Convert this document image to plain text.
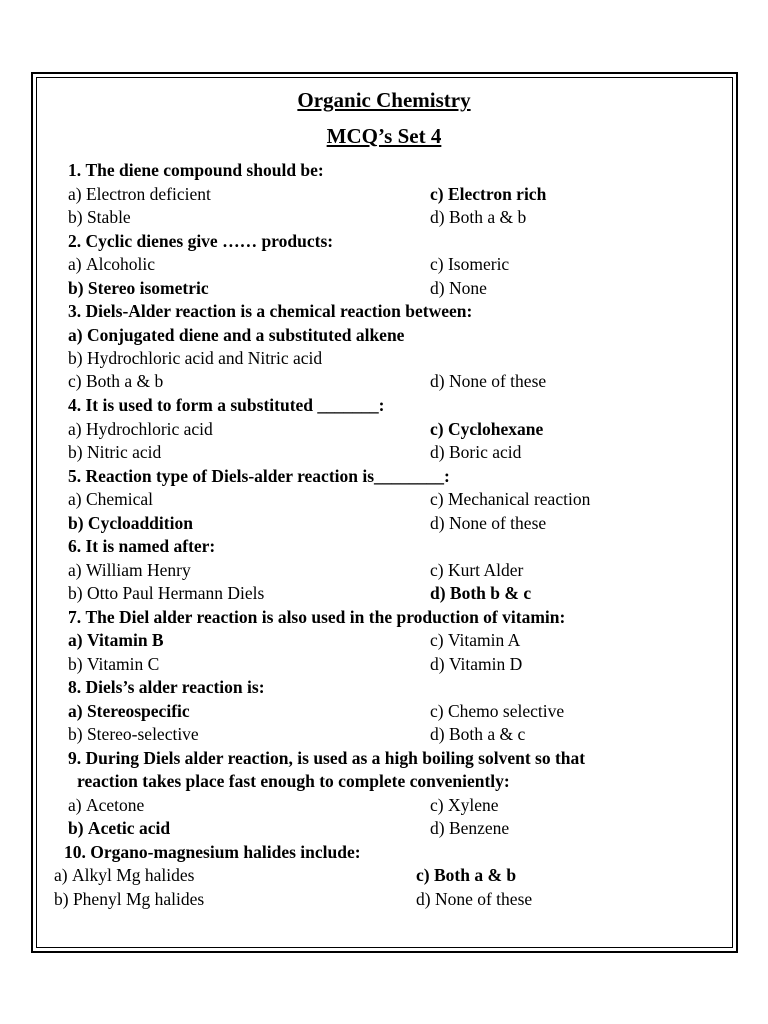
Organic Chemistry
MCQ’s Set 4
1. The diene compound should be:
a) Electron deficient	c) Electron rich
b) Stable	d) Both a & b
2. Cyclic dienes give …… products:
a) Alcoholic	c) Isomeric
b) Stereo isometric	d) None
3. Diels-Alder reaction is a chemical reaction between:
a) Conjugated diene and a substituted alkene
b) Hydrochloric acid and Nitric acid
c) Both a & b	d) None of these
4. It is used to form a substituted _______:
a) Hydrochloric acid	c) Cyclohexane
b) Nitric acid	d) Boric acid
5. Reaction type of Diels-alder reaction is________:
a) Chemical	c) Mechanical reaction
b) Cycloaddition	d) None of these
6. It is named after:
a) William Henry	c) Kurt Alder
b) Otto Paul Hermann Diels	d) Both b & c
7. The Diel alder reaction is also used in the production of vitamin:
a) Vitamin B	c) Vitamin A
b) Vitamin C	d) Vitamin D
8. Diels’s alder reaction is:
a) Stereospecific	c) Chemo selective
b) Stereo-selective	d) Both a & c
9. During Diels alder reaction, is used as a high boiling solvent so that
reaction takes place fast enough to complete conveniently:
a) Acetone	c) Xylene
b) Acetic acid	d) Benzene
10. Organo-magnesium halides include:
a) Alkyl Mg halides	c) Both a & b
b) Phenyl Mg halides	d) None of these
